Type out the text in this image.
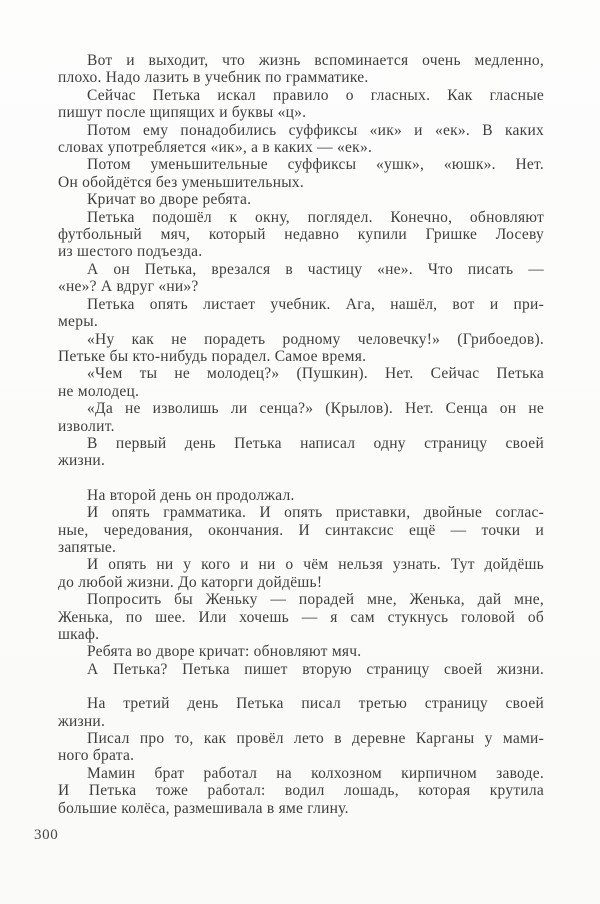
Вот и выходит, что жизнь вспоминается очень медленно,
плохо. Надо лазить в учебник по грамматике.
Сейчас Петька искал правило о гласных. Как гласные
пишут после щипящих и буквы «ц».
Потом ему понадобились суффиксы «ик» и «ек». В каких
словах употребляется «ик», а в каких — «ек».
Потом уменьшительные суффиксы «ушк», «юшк». Нет.
Он обойдётся без уменьшительных.
Кричат во дворе ребята.
Петька подошёл к окну, поглядел. Конечно, обновляют
футбольный мяч, который недавно купили Гришке Лосеву
из шестого подъезда.
А он Петька, врезался в частицу «не». Что писать —
«не»? А вдруг «ни»?
Петька опять листает учебник. Ага, нашёл, вот и при-
меры.
«Ну как не порадеть родному человечку!» (Грибоедов).
Петьке бы кто-нибудь порадел. Самое время.
«Чем ты не молодец?» (Пушкин). Нет. Сейчас Петька
не молодец.
«Да не изволишь ли сенца?» (Крылов). Нет. Сенца он не
изволит.
В первый день Петька написал одну страницу своей
жизни.
На второй день он продолжал.
И опять грамматика. И опять приставки, двойные соглас-
ные, чередования, окончания. И синтаксис ещё — точки и
запятые.
И опять ни у кого и ни о чём нельзя узнать. Тут дойдёшь
до любой жизни. До каторги дойдёшь!
Попросить бы Женьку — порадей мне, Женька, дай мне,
Женька, по шее. Или хочешь — я сам стукнусь головой об
шкаф.
Ребята во дворе кричат: обновляют мяч.
А Петька? Петька пишет вторую страницу своей жизни.
На третий день Петька писал третью страницу своей
жизни.
Писал про то, как провёл лето в деревне Карганы у мами-
ного брата.
Мамин брат работал на колхозном кирпичном заводе.
И Петька тоже работал: водил лошадь, которая крутила
большие колёса, размешивала в яме глину.
300
